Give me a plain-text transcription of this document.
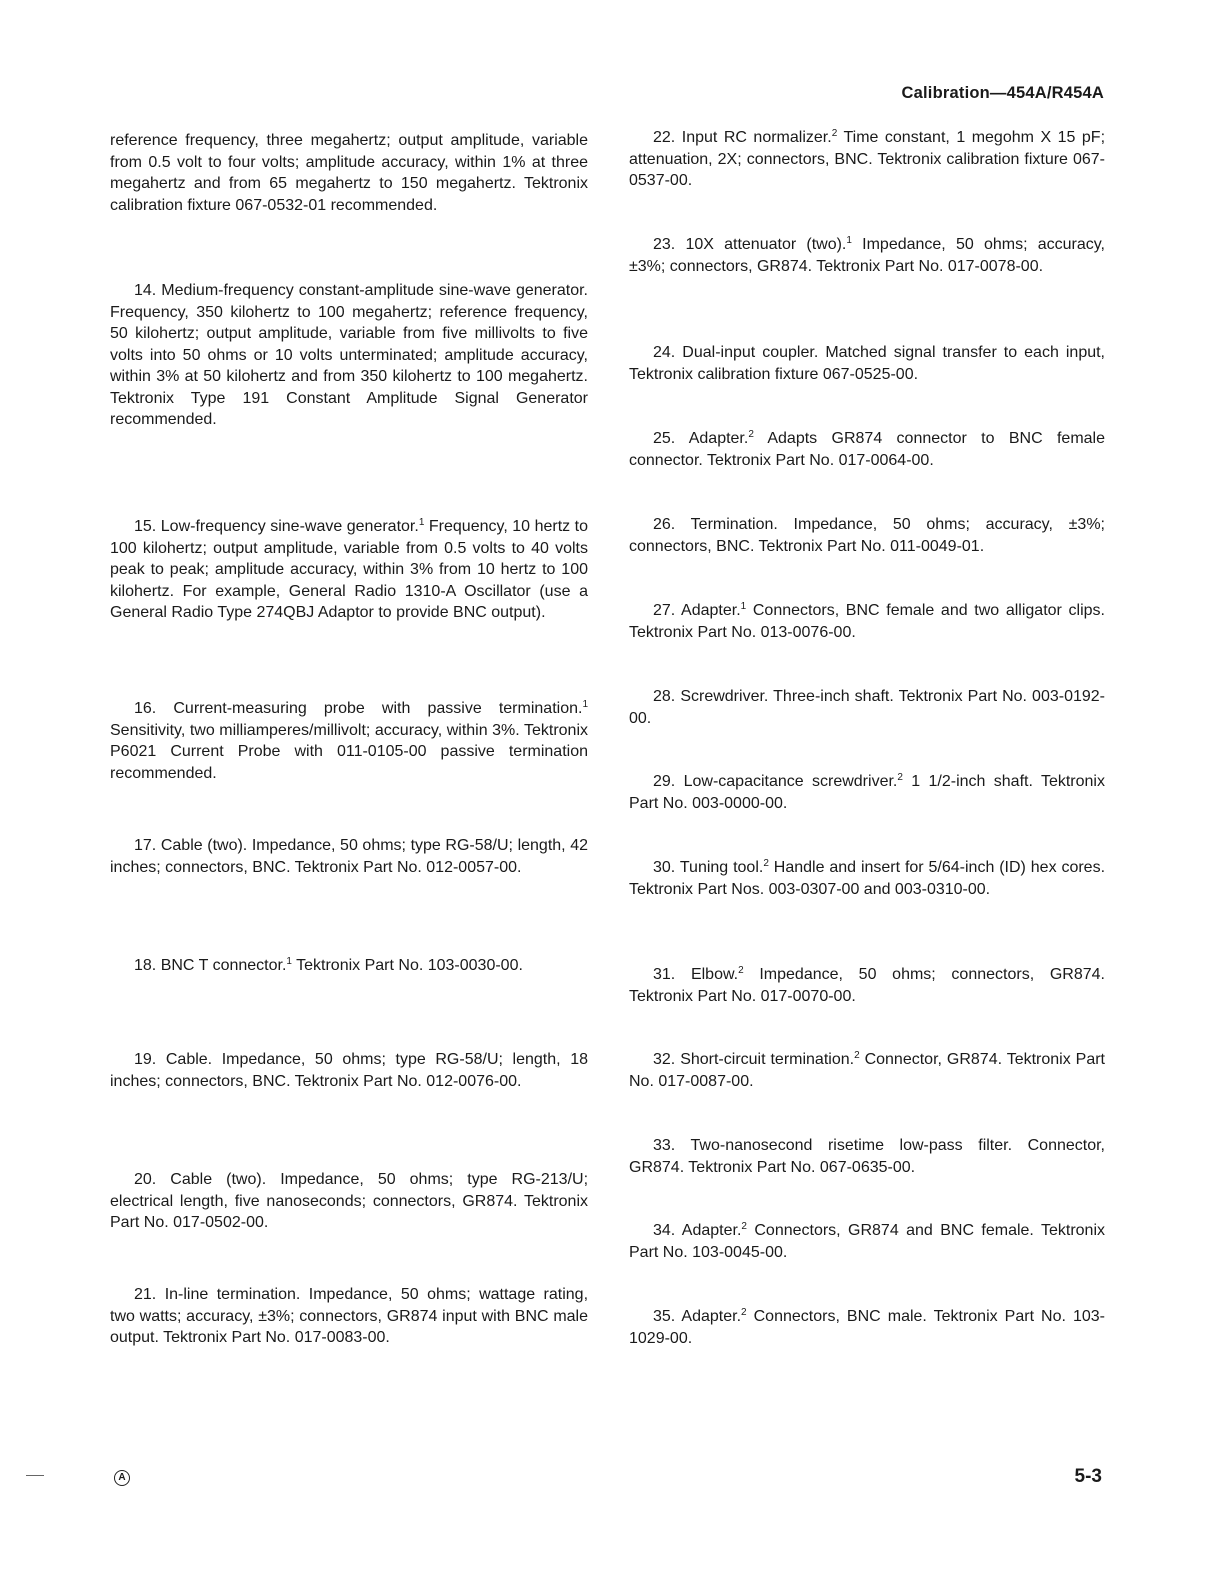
Calibration—454A/R454A

reference frequency, three megahertz; output amplitude, variable from 0.5 volt to four volts; amplitude accuracy, within 1% at three megahertz and from 65 megahertz to 150 megahertz. Tektronix calibration fixture 067-0532-01 recommended.

14. Medium-frequency constant-amplitude sine-wave generator. Frequency, 350 kilohertz to 100 megahertz; reference frequency, 50 kilohertz; output amplitude, variable from five millivolts to five volts into 50 ohms or 10 volts unterminated; amplitude accuracy, within 3% at 50 kilohertz and from 350 kilohertz to 100 megahertz. Tektronix Type 191 Constant Amplitude Signal Generator recommended.

15. Low-frequency sine-wave generator.$^1$ Frequency, 10 hertz to 100 kilohertz; output amplitude, variable from 0.5 volts to 40 volts peak to peak; amplitude accuracy, within 3% from 10 hertz to 100 kilohertz. For example, General Radio 1310-A Oscillator (use a General Radio Type 274QBJ Adaptor to provide BNC output).

16. Current-measuring probe with passive termination.$^1$ Sensitivity, two milliamperes/millivolt; accuracy, within 3%. Tektronix P6021 Current Probe with 011-0105-00 passive termination recommended.

17. Cable (two). Impedance, 50 ohms; type RG-58/U; length, 42 inches; connectors, BNC. Tektronix Part No. 012-0057-00.

18. BNC T connector.$^1$ Tektronix Part No. 103-0030-00.

19. Cable. Impedance, 50 ohms; type RG-58/U; length, 18 inches; connectors, BNC. Tektronix Part No. 012-0076-00.

20. Cable (two). Impedance, 50 ohms; type RG-213/U; electrical length, five nanoseconds; connectors, GR874. Tektronix Part No. 017-0502-00.

21. In-line termination. Impedance, 50 ohms; wattage rating, two watts; accuracy, ±3%; connectors, GR874 input with BNC male output. Tektronix Part No. 017-0083-00.

22. Input RC normalizer.$^2$ Time constant, 1 megohm X 15 pF; attenuation, 2X; connectors, BNC. Tektronix calibration fixture 067-0537-00.

23. 10X attenuator (two).$^1$ Impedance, 50 ohms; accuracy, ±3%; connectors, GR874. Tektronix Part No. 017-0078-00.

24. Dual-input coupler. Matched signal transfer to each input, Tektronix calibration fixture 067-0525-00.

25. Adapter.$^2$ Adapts GR874 connector to BNC female connector. Tektronix Part No. 017-0064-00.

26. Termination. Impedance, 50 ohms; accuracy, ±3%; connectors, BNC. Tektronix Part No. 011-0049-01.

27. Adapter.$^1$ Connectors, BNC female and two alligator clips. Tektronix Part No. 013-0076-00.

28. Screwdriver. Three-inch shaft. Tektronix Part No. 003-0192-00.

29. Low-capacitance screwdriver.$^2$ 1 1/2-inch shaft. Tektronix Part No. 003-0000-00.

30. Tuning tool.$^2$ Handle and insert for 5/64-inch (ID) hex cores. Tektronix Part Nos. 003-0307-00 and 003-0310-00.

31. Elbow.$^2$ Impedance, 50 ohms; connectors, GR874. Tektronix Part No. 017-0070-00.

32. Short-circuit termination.$^2$ Connector, GR874. Tektronix Part No. 017-0087-00.

33. Two-nanosecond risetime low-pass filter. Connector, GR874. Tektronix Part No. 067-0635-00.

34. Adapter.$^2$ Connectors, GR874 and BNC female. Tektronix Part No. 103-0045-00.

35. Adapter.$^2$ Connectors, BNC male. Tektronix Part No. 103-1029-00.

A	5-3
